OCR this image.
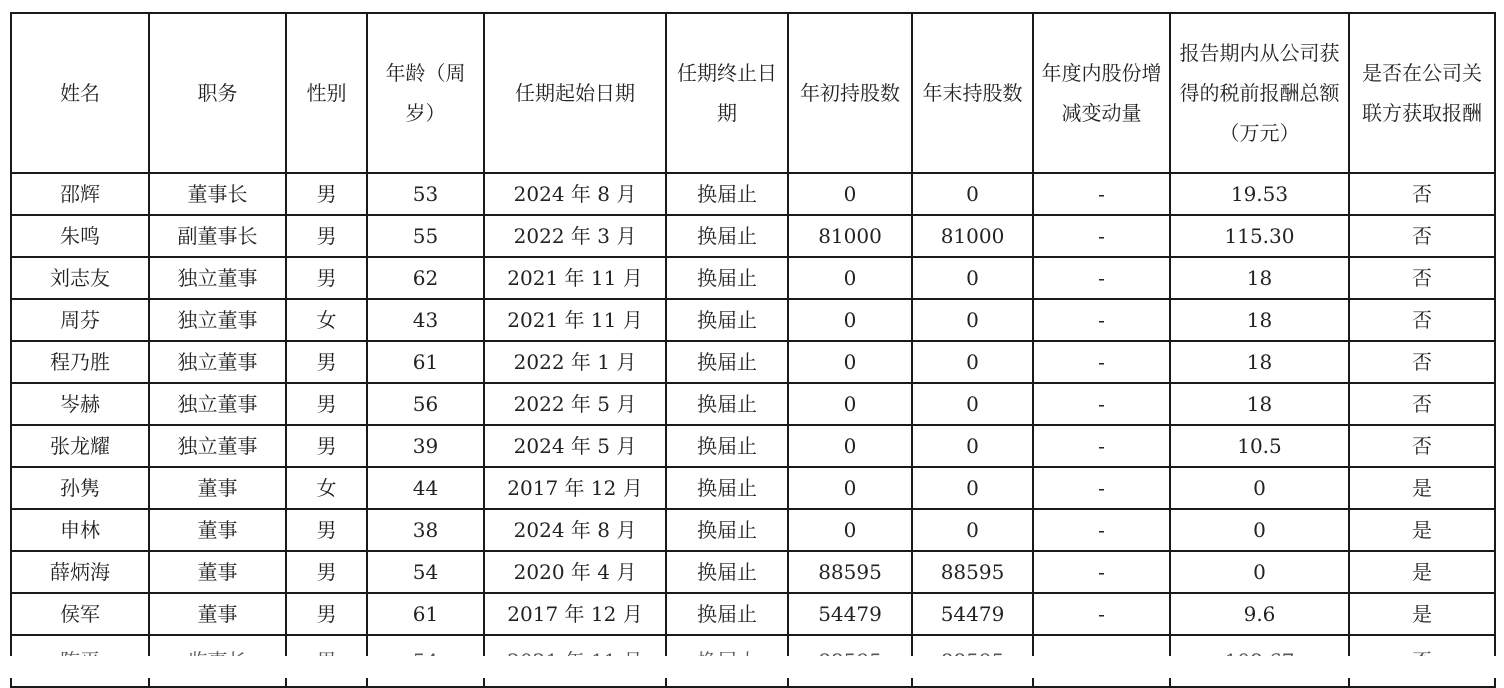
姓名	职务	性别	年龄（周岁）	任期起始日期	任期终止日期	年初持股数	年末持股数	年度内股份增减变动量	报告期内从公司获得的税前报酬总额（万元）	是否在公司关联方获取报酬
邵辉	董事长	男	53	2024 年 8 月	换届止	0	0	-	19.53	否
朱鸣	副董事长	男	55	2022 年 3 月	换届止	81000	81000	-	115.30	否
刘志友	独立董事	男	62	2021 年 11 月	换届止	0	0	-	18	否
周芬	独立董事	女	43	2021 年 11 月	换届止	0	0	-	18	否
程乃胜	独立董事	男	61	2022 年 1 月	换届止	0	0	-	18	否
岑赫	独立董事	男	56	2022 年 5 月	换届止	0	0	-	18	否
张龙耀	独立董事	男	39	2024 年 5 月	换届止	0	0	-	10.5	否
孙隽	董事	女	44	2017 年 12 月	换届止	0	0	-	0	是
申林	董事	男	38	2024 年 8 月	换届止	0	0	-	0	是
薛炳海	董事	男	54	2020 年 4 月	换届止	88595	88595	-	0	是
侯军	董事	男	61	2017 年 12 月	换届止	54479	54479	-	9.6	是
